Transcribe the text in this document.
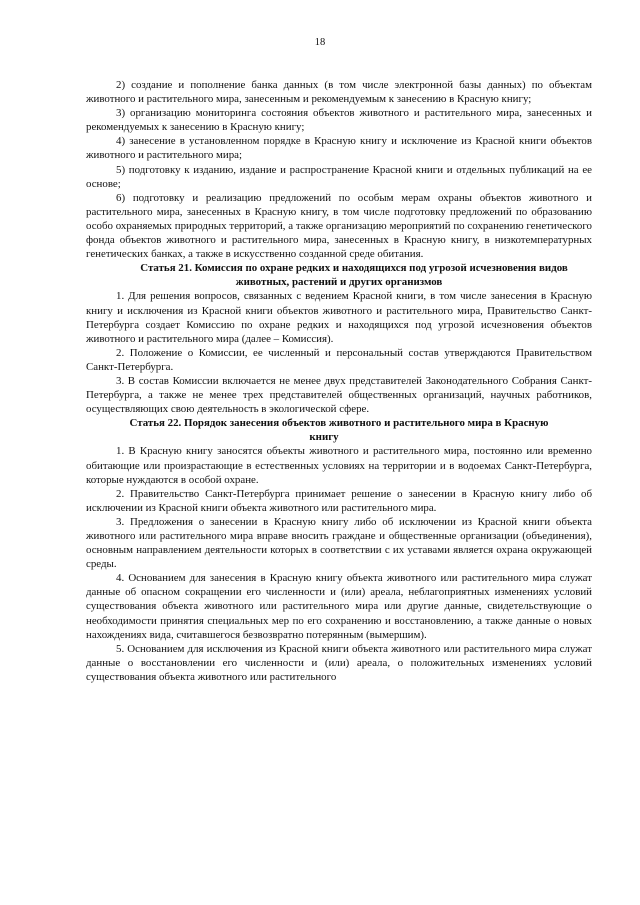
18

2) создание и пополнение банка данных (в том числе электронной базы данных) по объектам животного и растительного мира, занесенным и рекомендуемым к занесению в Красную книгу;

3) организацию мониторинга состояния объектов животного и растительного мира, занесенных и рекомендуемых к занесению в Красную книгу;

4) занесение в установленном порядке в Красную книгу и исключение из Красной книги объектов животного и растительного мира;

5) подготовку к изданию, издание и распространение Красной книги и отдельных публикаций на ее основе;

6) подготовку и реализацию предложений по особым мерам охраны объектов животного и растительного мира, занесенных в Красную книгу, в том числе подготовку предложений по образованию особо охраняемых природных территорий, а также организацию мероприятий по сохранению генетического фонда объектов животного и растительного мира, занесенных в Красную книгу, в низкотемпературных генетических банках, а также в искусственно созданной среде обитания.

Статья 21. Комиссия по охране редких и находящихся под угрозой исчезновения видов животных, растений и других организмов

1. Для решения вопросов, связанных с ведением Красной книги, в том числе занесения в Красную книгу и исключения из Красной книги объектов животного и растительного мира, Правительство Санкт-Петербурга создает Комиссию по охране редких и находящихся под угрозой исчезновения объектов животного и растительного мира (далее – Комиссия).

2. Положение о Комиссии, ее численный и персональный состав утверждаются Правительством Санкт-Петербурга.

3. В состав Комиссии включается не менее двух представителей Законодательного Собрания Санкт-Петербурга, а также не менее трех представителей общественных организаций, научных работников, осуществляющих свою деятельность в экологической сфере.

Статья 22. Порядок занесения объектов животного и растительного мира в Красную книгу

1. В Красную книгу заносятся объекты животного и растительного мира, постоянно или временно обитающие или произрастающие в естественных условиях на территории и в водоемах Санкт-Петербурга, которые нуждаются в особой охране.

2. Правительство Санкт-Петербурга принимает решение о занесении в Красную книгу либо об исключении из Красной книги объекта животного или растительного мира.

3. Предложения о занесении в Красную книгу либо об исключении из Красной книги объекта животного или растительного мира вправе вносить граждане и общественные организации (объединения), основным направлением деятельности которых в соответствии с их уставами является охрана окружающей среды.

4. Основанием для занесения в Красную книгу объекта животного или растительного мира служат данные об опасном сокращении его численности и (или) ареала, неблагоприятных изменениях условий существования объекта животного или растительного мира или другие данные, свидетельствующие о необходимости принятия специальных мер по его сохранению и восстановлению, а также данные о новых нахождениях вида, считавшегося безвозвратно потерянным (вымершим).

5. Основанием для исключения из Красной книги объекта животного или растительного мира служат данные о восстановлении его численности и (или) ареала, о положительных изменениях условий существования объекта животного или растительного
